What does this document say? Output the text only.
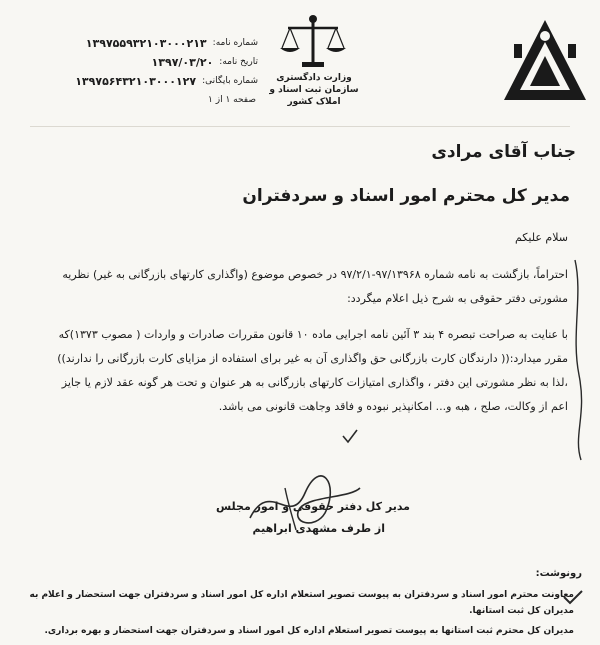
وزارت دادگستری
سازمان ثبت اسناد و املاک کشور
شماره نامه:
۱۳۹۷۵۵۹۳۲۱۰۳۰۰۰۲۱۳
تاریخ نامه:
۱۳۹۷/۰۳/۲۰
شماره بایگانی:
۱۳۹۷۵۶۴۳۲۱۰۳۰۰۰۱۲۷
صفحه ۱ از ۱
جناب آقای مرادی
مدیر کل محترم امور اسناد و سردفتران
سلام علیکم
احتراماً، بازگشت به نامه شماره ۹۷/۱۳۹۶۸-۹۷/۲/۱ در خصوص موضوع (واگذاری کارتهای بازرگانی به غیر) نظریه
مشورتی دفتر حقوقی به شرح ذیل اعلام میگردد:
با عنایت به صراحت تبصره ۴ بند ۳ آئین نامه اجرایی ماده ۱۰ قانون مقررات صادرات و واردات ( مصوب ۱۳۷۳)که
مقرر میدارد:(( دارندگان کارت بازرگانی حق واگذاری آن به غیر برای استفاده از مزایای کارت بازرگانی را ندارند))
،لذا به نظر مشورتی این دفتر ، واگذاری امتیازات کارتهای بازرگانی به هر عنوان و تحت هر گونه عقد لازم یا جایز
اعم از وکالت، صلح ، هبه و... امکانپذیر نبوده و فاقد وجاهت قانونی می باشد.
مدیر کل دفتر حقوقی و امور مجلس
از طرف مشهدی ابراهیم
رونوشت:
معاونت محترم امور اسناد و سردفتران به پیوست تصویر استعلام اداره کل امور اسناد و سردفتران جهت استحضار و اعلام به
مدیران کل ثبت استانها.
مدیران کل محترم ثبت استانها به پیوست تصویر استعلام اداره کل امور اسناد و سردفتران جهت استحضار و بهره برداری.
